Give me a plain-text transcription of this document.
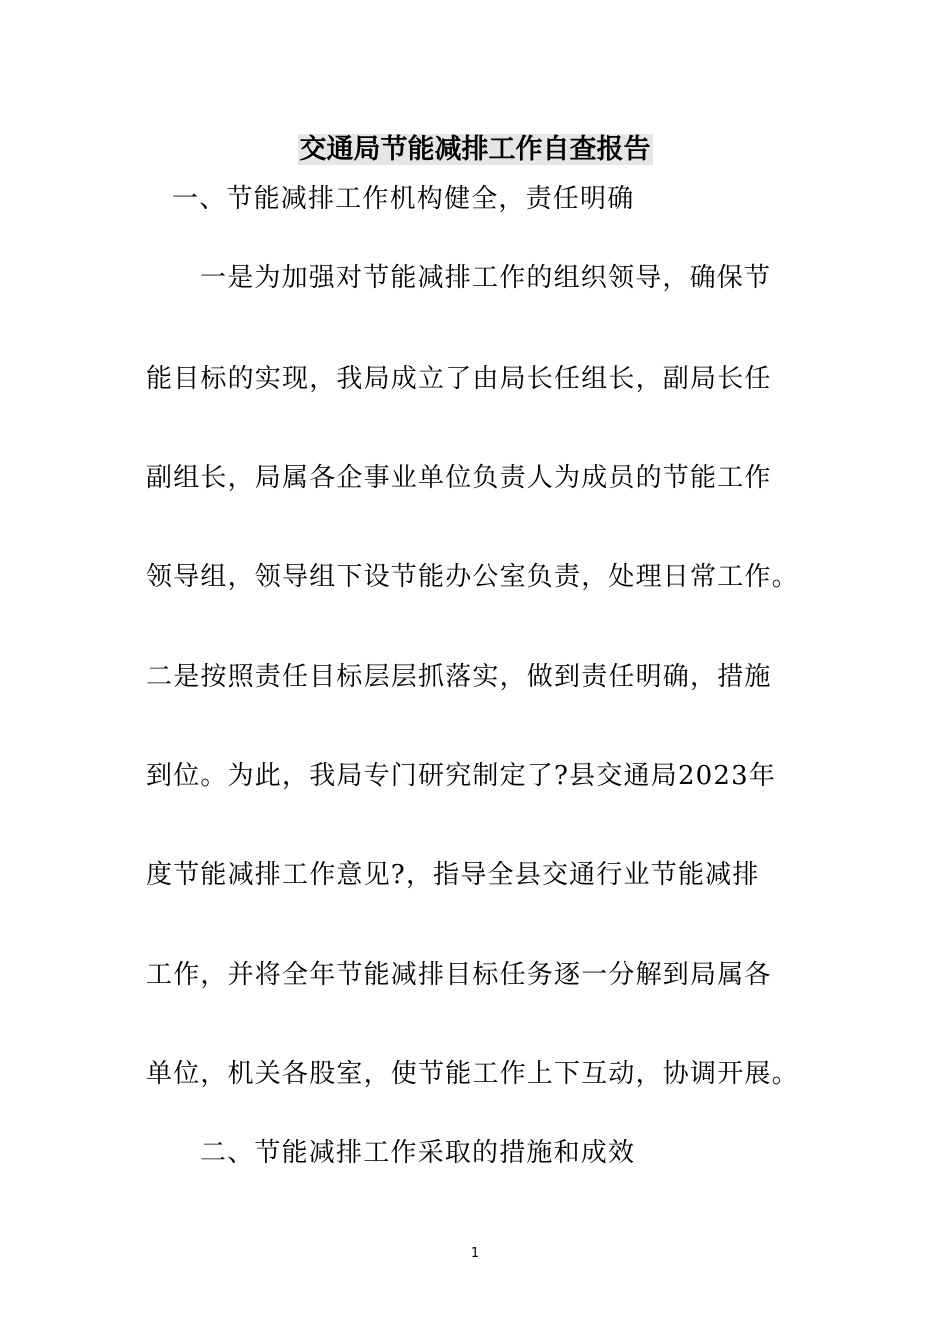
交通局节能减排工作自查报告

一、节能减排工作机构健全，责任明确

一是为加强对节能减排工作的组织领导，确保节

能目标的实现，我局成立了由局长任组长，副局长任

副组长，局属各企事业单位负责人为成员的节能工作

领导组，领导组下设节能办公室负责，处理日常工作。

二是按照责任目标层层抓落实，做到责任明确，措施

到位。为此，我局专门研究制定了?县交通局2023年

度节能减排工作意见?，指导全县交通行业节能减排

工作，并将全年节能减排目标任务逐一分解到局属各

单位，机关各股室，使节能工作上下互动，协调开展。

二、节能减排工作采取的措施和成效

1
